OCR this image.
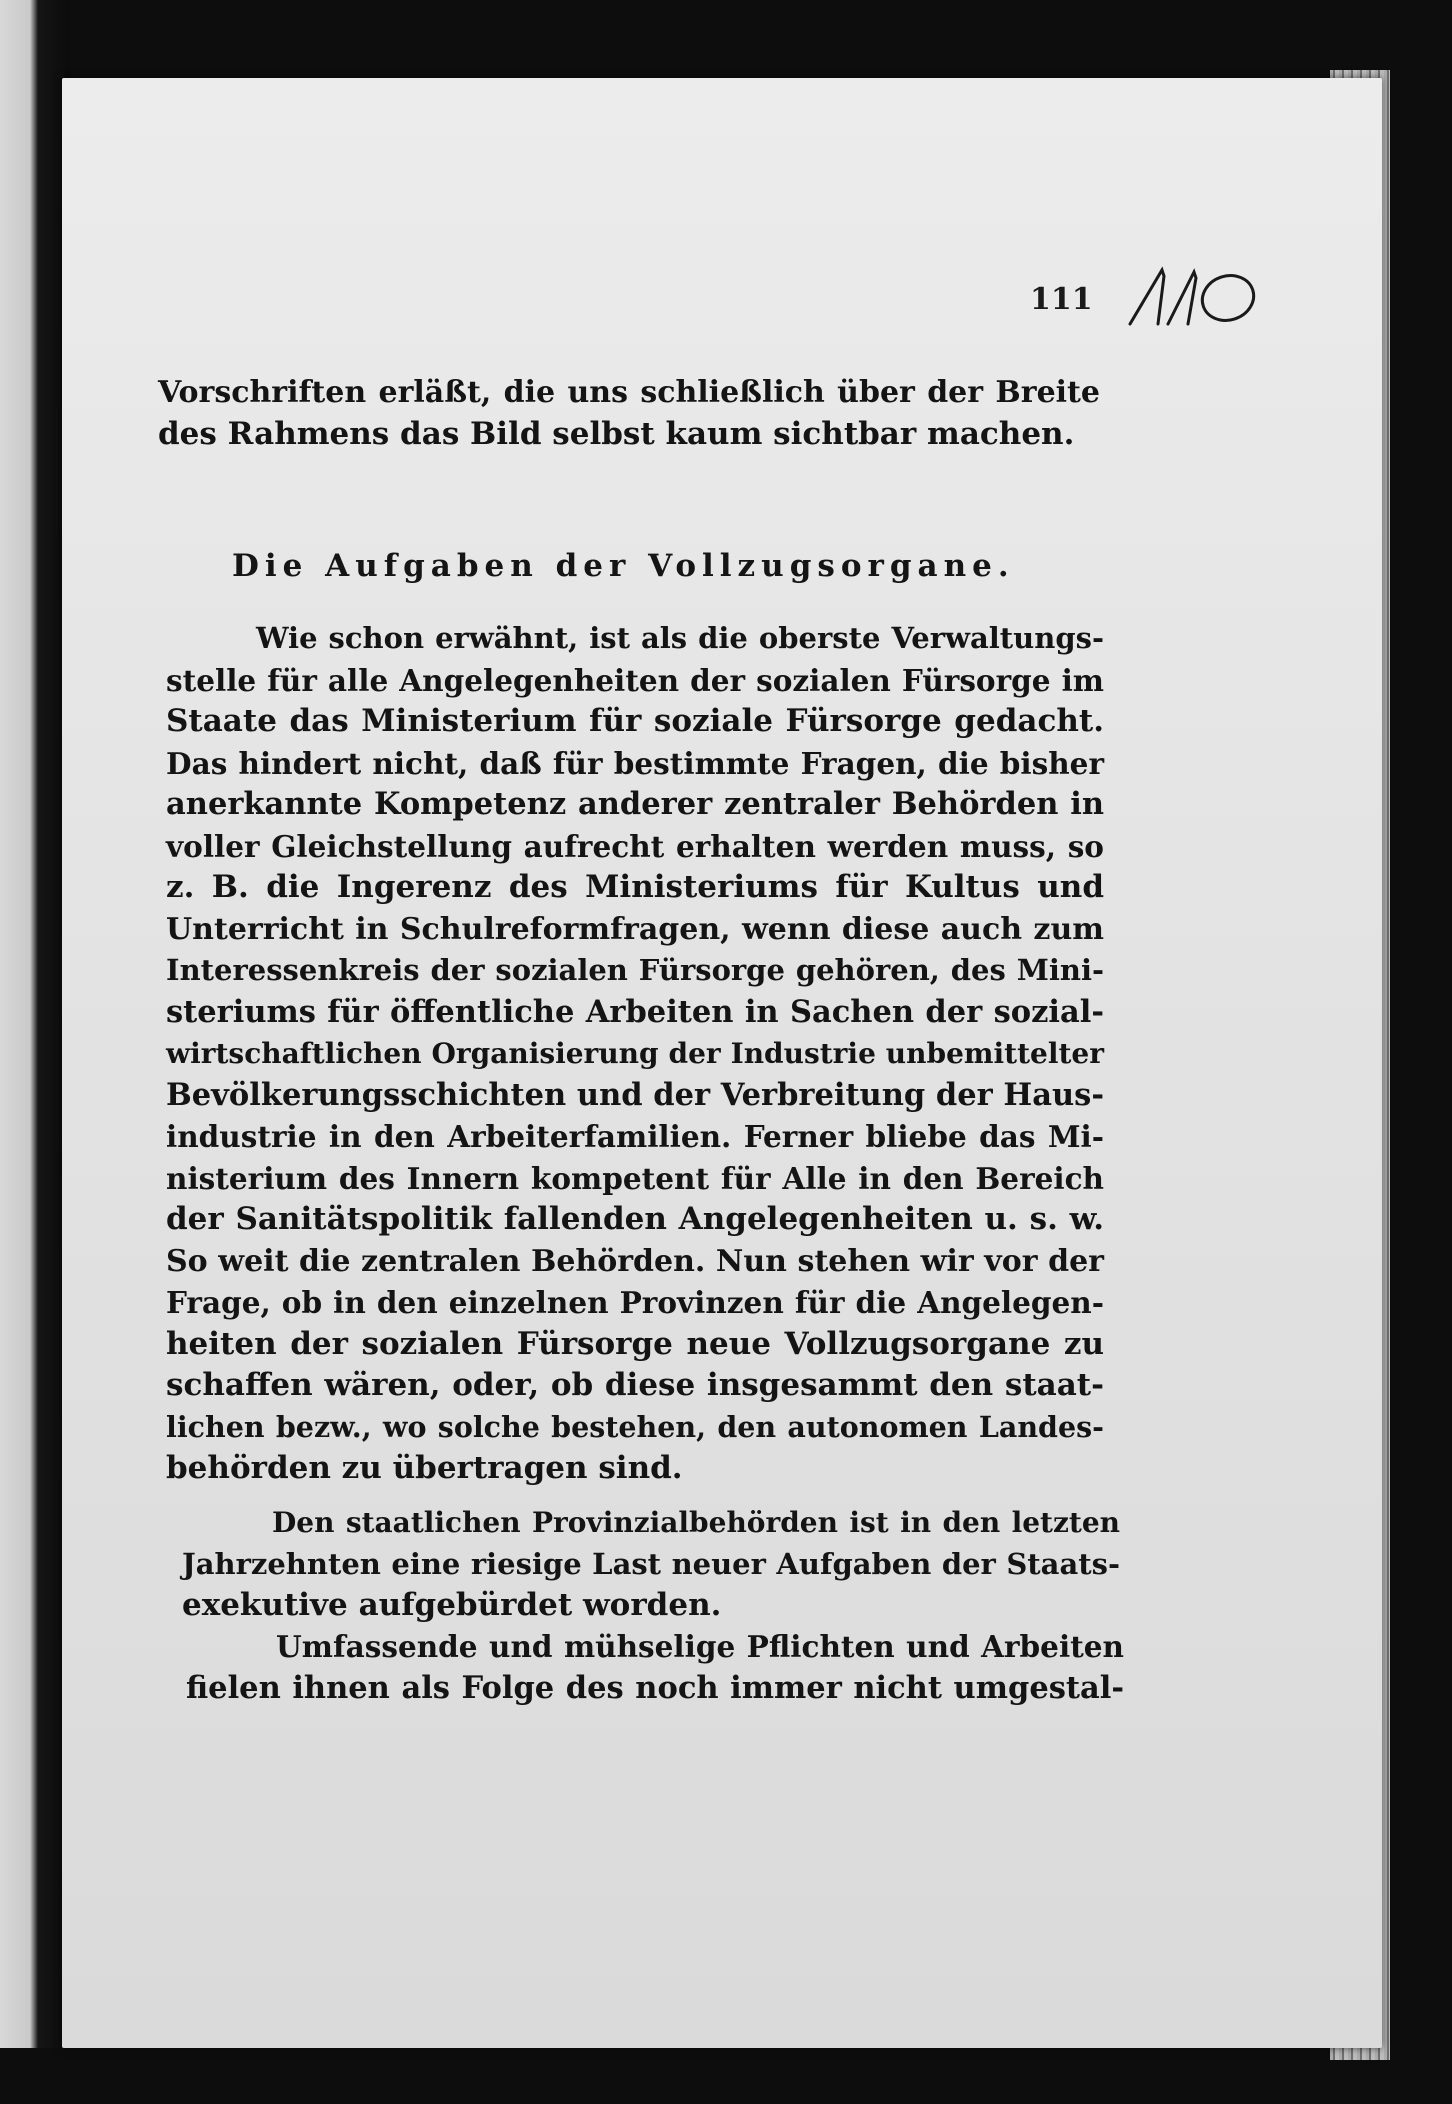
111
Vorschriften erläßt, die uns schließlich über der Breite
des Rahmens das Bild selbst kaum sichtbar machen.
Die Aufgaben der Vollzugsorgane.
Wie schon erwähnt, ist als die oberste Verwaltungs-
stelle für alle Angelegenheiten der sozialen Fürsorge im
Staate das Ministerium für soziale Fürsorge gedacht.
Das hindert nicht, daß für bestimmte Fragen, die bisher
anerkannte Kompetenz anderer zentraler Behörden in
voller Gleichstellung aufrecht erhalten werden muss, so
z. B. die Ingerenz des Ministeriums für Kultus und
Unterricht in Schulreformfragen, wenn diese auch zum
Interessenkreis der sozialen Fürsorge gehören, des Mini-
steriums für öffentliche Arbeiten in Sachen der sozial-
wirtschaftlichen Organisierung der Industrie unbemittelter
Bevölkerungsschichten und der Verbreitung der Haus-
industrie in den Arbeiterfamilien. Ferner bliebe das Mi-
nisterium des Innern kompetent für Alle in den Bereich
der Sanitätspolitik fallenden Angelegenheiten u. s. w.
So weit die zentralen Behörden. Nun stehen wir vor der
Frage, ob in den einzelnen Provinzen für die Angelegen-
heiten der sozialen Fürsorge neue Vollzugsorgane zu
schaffen wären, oder, ob diese insgesammt den staat-
lichen bezw., wo solche bestehen, den autonomen Landes-
behörden zu übertragen sind.
Den staatlichen Provinzialbehörden ist in den letzten
Jahrzehnten eine riesige Last neuer Aufgaben der Staats-
exekutive aufgebürdet worden.
Umfassende und mühselige Pflichten und Arbeiten
fielen ihnen als Folge des noch immer nicht umgestal-
